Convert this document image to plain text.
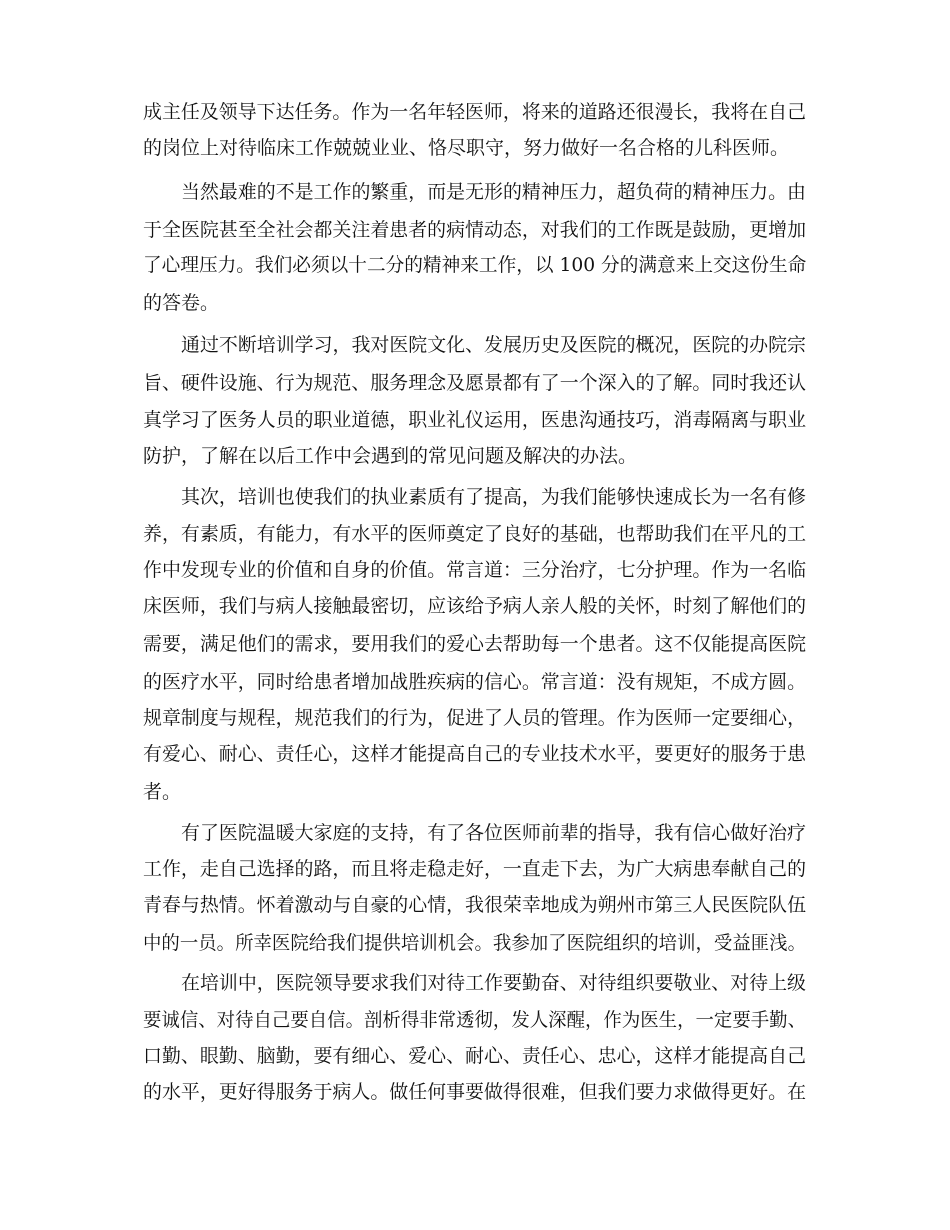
成主任及领导下达任务。作为一名年轻医师，将来的道路还很漫长，我将在自己
的岗位上对待临床工作兢兢业业、恪尽职守，努力做好一名合格的儿科医师。
当然最难的不是工作的繁重，而是无形的精神压力，超负荷的精神压力。由
于全医院甚至全社会都关注着患者的病情动态，对我们的工作既是鼓励，更增加
了心理压力。我们必须以十二分的精神来工作，以 100 分的满意来上交这份生命
的答卷。
通过不断培训学习，我对医院文化、发展历史及医院的概况，医院的办院宗
旨、硬件设施、行为规范、服务理念及愿景都有了一个深入的了解。同时我还认
真学习了医务人员的职业道德，职业礼仪运用，医患沟通技巧，消毒隔离与职业
防护，了解在以后工作中会遇到的常见问题及解决的办法。
其次，培训也使我们的执业素质有了提高，为我们能够快速成长为一名有修
养，有素质，有能力，有水平的医师奠定了良好的基础，也帮助我们在平凡的工
作中发现专业的价值和自身的价值。常言道：三分治疗，七分护理。作为一名临
床医师，我们与病人接触最密切，应该给予病人亲人般的关怀，时刻了解他们的
需要，满足他们的需求，要用我们的爱心去帮助每一个患者。这不仅能提高医院
的医疗水平，同时给患者增加战胜疾病的信心。常言道：没有规矩，不成方圆。
规章制度与规程，规范我们的行为，促进了人员的管理。作为医师一定要细心，
有爱心、耐心、责任心，这样才能提高自己的专业技术水平，要更好的服务于患
者。
有了医院温暖大家庭的支持，有了各位医师前辈的指导，我有信心做好治疗
工作，走自己选择的路，而且将走稳走好，一直走下去，为广大病患奉献自己的
青春与热情。怀着激动与自豪的心情，我很荣幸地成为朔州市第三人民医院队伍
中的一员。所幸医院给我们提供培训机会。我参加了医院组织的培训，受益匪浅。
在培训中，医院领导要求我们对待工作要勤奋、对待组织要敬业、对待上级
要诚信、对待自己要自信。剖析得非常透彻，发人深醒，作为医生，一定要手勤、
口勤、眼勤、脑勤，要有细心、爱心、耐心、责任心、忠心，这样才能提高自己
的水平，更好得服务于病人。做任何事要做得很难，但我们要力求做得更好。在
